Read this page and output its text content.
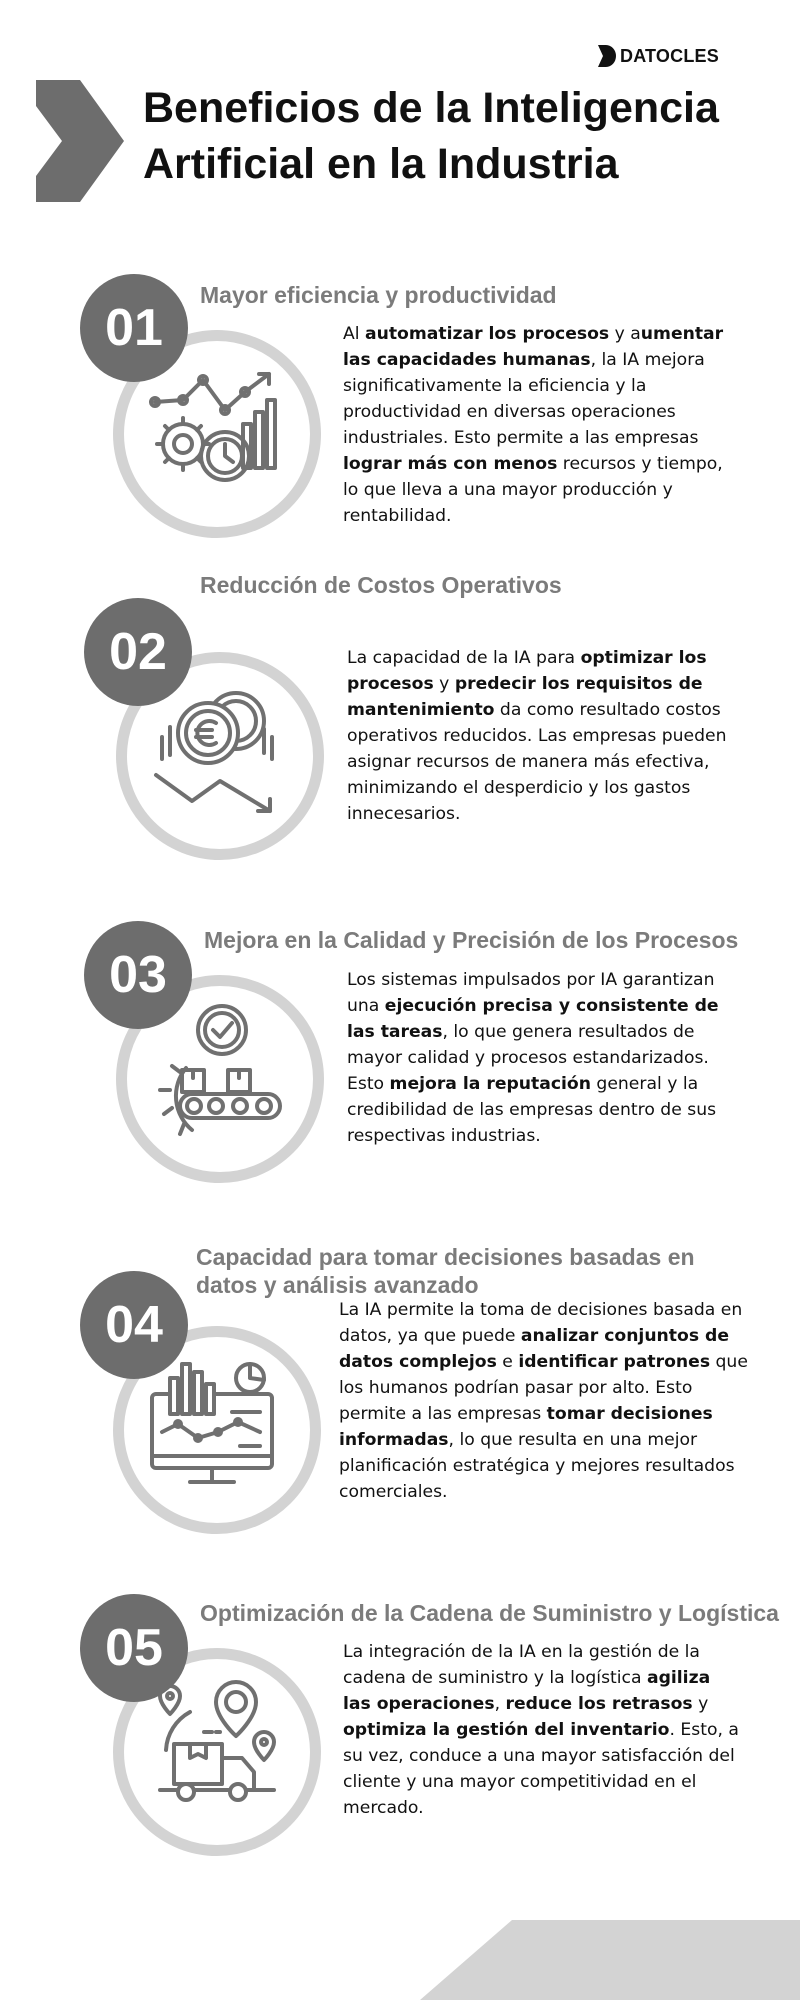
DATOCLES
Beneficios de la Inteligencia
Artificial en la Industria
01
Mayor eficiencia y productividad

Al automatizar los procesos y aumentar las capacidades humanas, la IA mejora significativamente la eficiencia y la productividad en diversas operaciones industriales. Esto permite a las empresas lograr más con menos recursos y tiempo, lo que lleva a una mayor producción y rentabilidad.

02
Reducción de Costos Operativos

La capacidad de la IA para optimizar los procesos y predecir los requisitos de mantenimiento da como resultado costos operativos reducidos. Las empresas pueden asignar recursos de manera más efectiva, minimizando el desperdicio y los gastos innecesarios.

03
Mejora en la Calidad y Precisión de los Procesos

Los sistemas impulsados por IA garantizan una ejecución precisa y consistente de las tareas, lo que genera resultados de mayor calidad y procesos estandarizados. Esto mejora la reputación general y la credibilidad de las empresas dentro de sus respectivas industrias.

04
Capacidad para tomar decisiones basadas en
datos y análisis avanzado

La IA permite la toma de decisiones basada en datos, ya que puede analizar conjuntos de datos complejos e identificar patrones que los humanos podrían pasar por alto. Esto permite a las empresas tomar decisiones informadas, lo que resulta en una mejor planificación estratégica y mejores resultados comerciales.

05
Optimización de la Cadena de Suministro y Logística

La integración de la IA en la gestión de la cadena de suministro y la logística agiliza las operaciones, reduce los retrasos y optimiza la gestión del inventario. Esto, a su vez, conduce a una mayor satisfacción del cliente y una mayor competitividad en el mercado.
